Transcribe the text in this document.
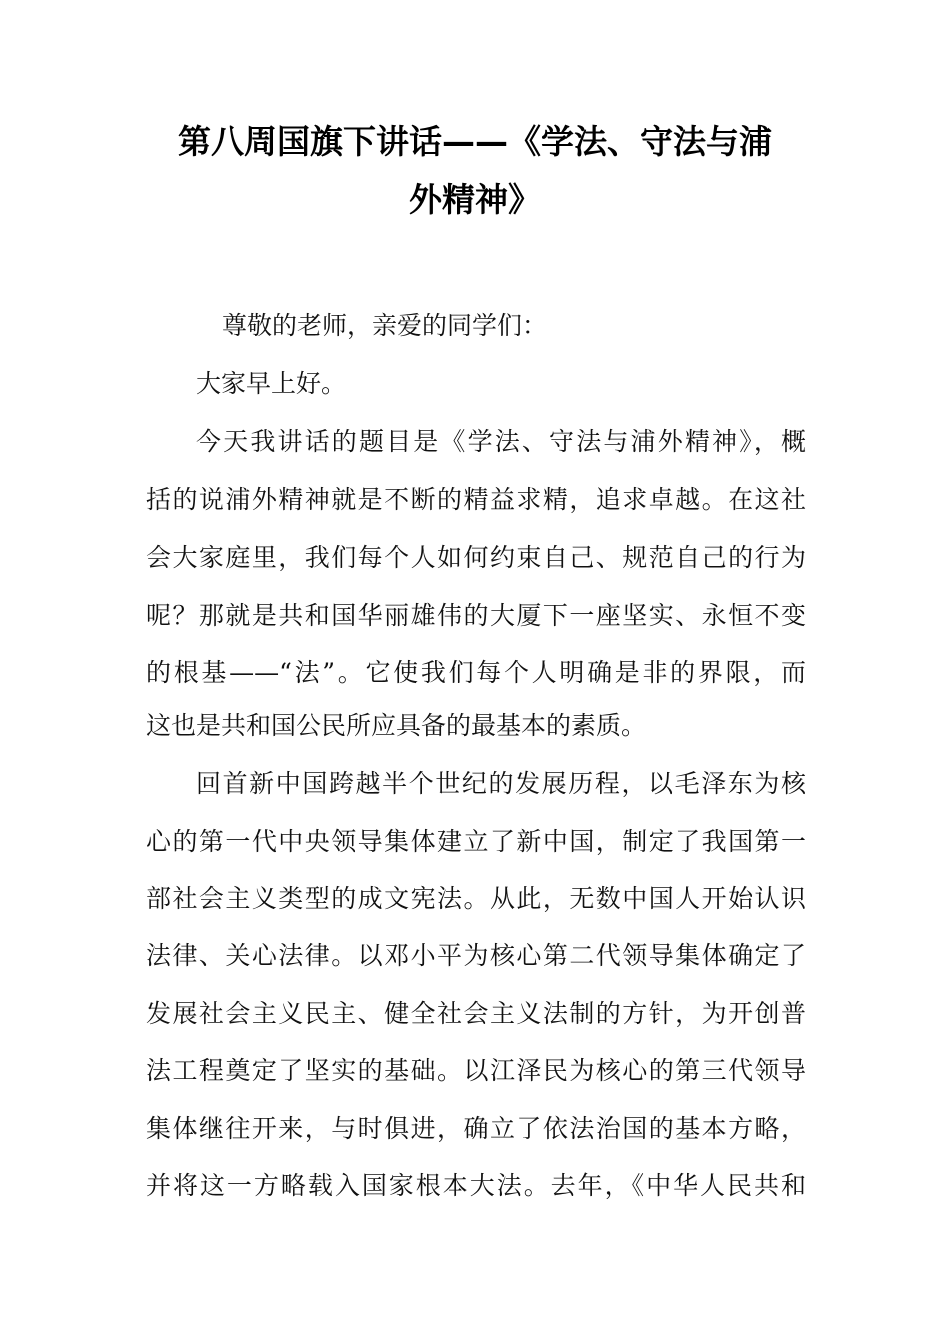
第八周国旗下讲话——《学法、守法与浦
外精神》
尊敬的老师，亲爱的同学们：
大家早上好。
今天我讲话的题目是《学法、守法与浦外精神》，概
括的说浦外精神就是不断的精益求精，追求卓越。在这社
会大家庭里，我们每个人如何约束自己、规范自己的行为
呢？那就是共和国华丽雄伟的大厦下一座坚实、永恒不变
的根基——“法”。它使我们每个人明确是非的界限，而
这也是共和国公民所应具备的最基本的素质。
回首新中国跨越半个世纪的发展历程，以毛泽东为核
心的第一代中央领导集体建立了新中国，制定了我国第一
部社会主义类型的成文宪法。从此，无数中国人开始认识
法律、关心法律。以邓小平为核心第二代领导集体确定了
发展社会主义民主、健全社会主义法制的方针，为开创普
法工程奠定了坚实的基础。以江泽民为核心的第三代领导
集体继往开来，与时俱进，确立了依法治国的基本方略，
并将这一方略载入国家根本大法。去年，《中华人民共和
